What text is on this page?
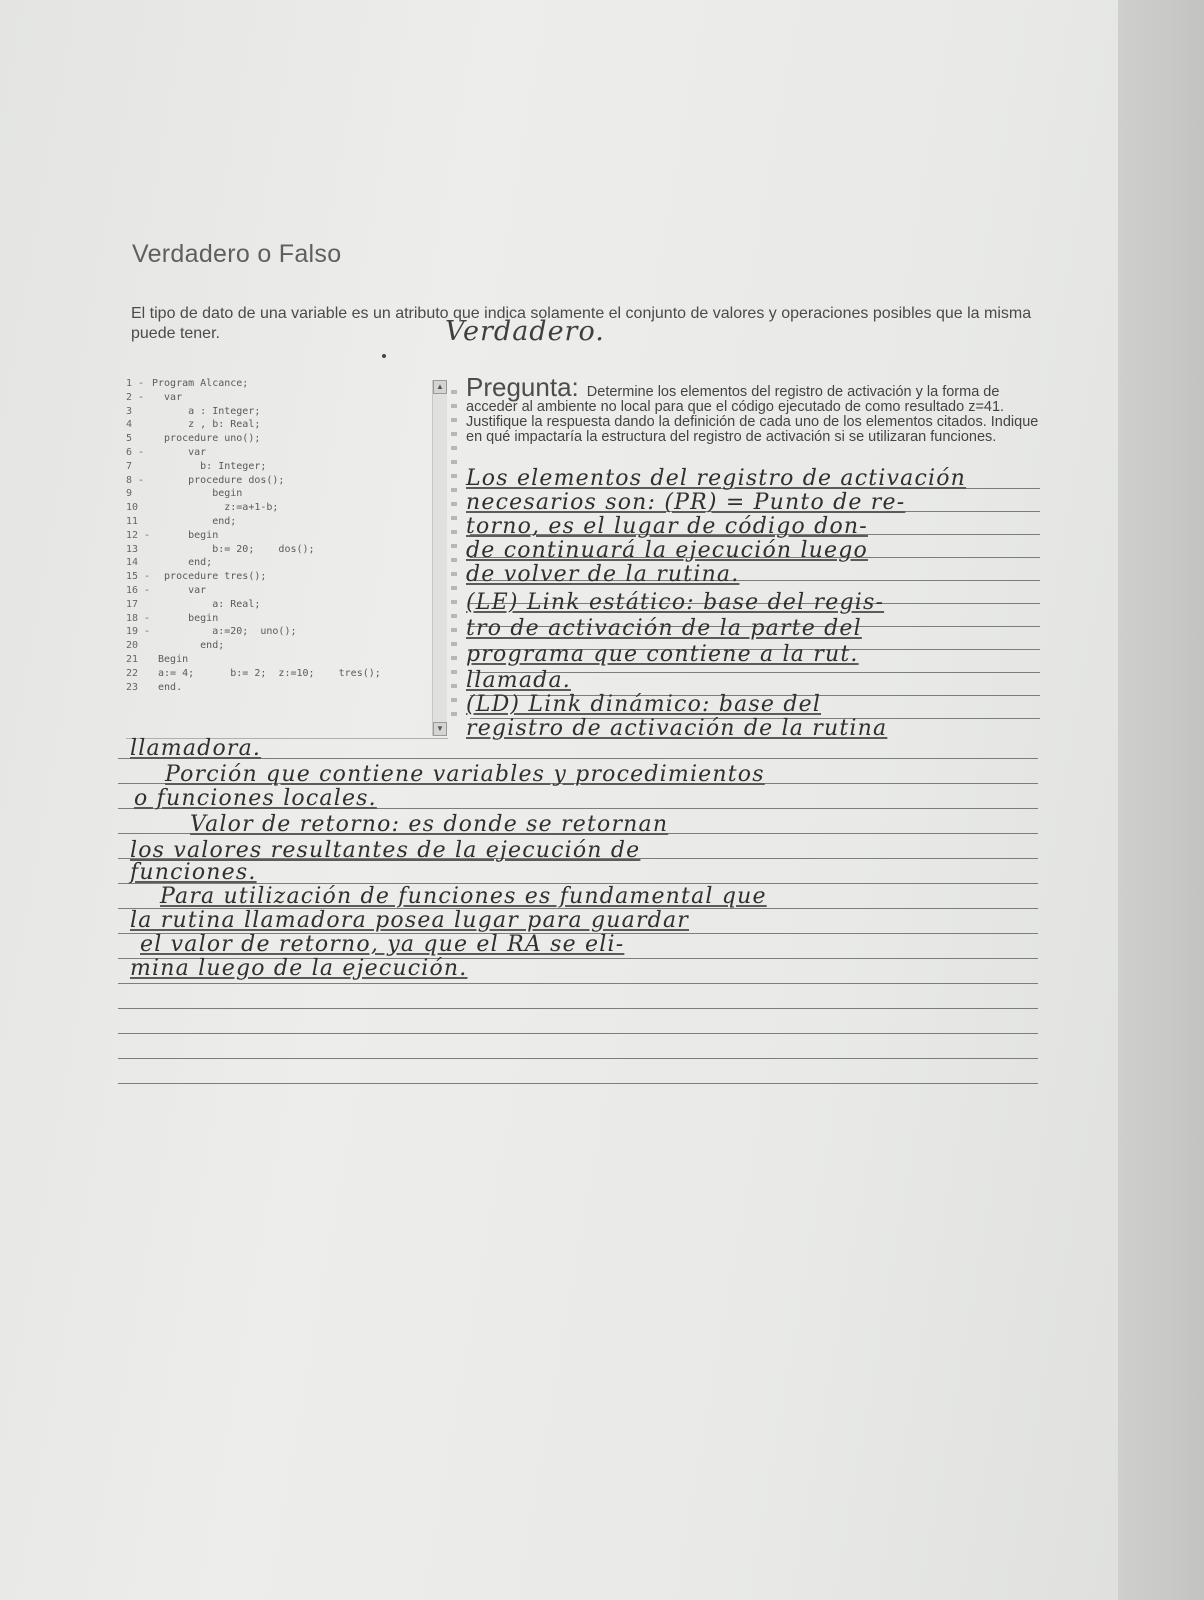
Verdadero o Falso

El tipo de dato de una variable es un atributo que indica solamente el conjunto de valores y operaciones posibles que la misma puede tener.	Verdadero.
1 - Program Alcance;
2 -  var
3      a : Integer;
4      z , b: Real;
5  procedure uno();
6 -      var
7        b: Integer;
8 -      procedure dos();
9          begin
10            z:=a+1-b;
11          end;
12 -      begin
13          b:= 20;    dos();
14      end;
15 -  procedure tres();
16 -      var
17          a: Real;
18 -      begin
19 -          a:=20;  uno();
20        end;
21 Begin
22 a:= 4;      b:= 2;  z:=10;    tres();
23 end.
▲
▼
Pregunta: Determine los elementos del registro de activación y la forma de acceder al ambiente no local para que el código ejecutado de como resultado z=41. Justifique la respuesta dando la definición de cada uno de los elementos citados. Indique en qué impactaría la estructura del registro de activación si se utilizaran funciones.
Los elementos del registro de activación
necesarios son: (PR) = Punto de re-
torno, es el lugar de código don-
de continuará la ejecución luego
de volver de la rutina.
(LE) Link estático: base del regis-
tro de activación de la parte del
programa que contiene a la rut.
llamada.
(LD) Link dinámico: base del
registro de activación de la rutina
llamadora.
Porción que contiene variables y procedimientos
o funciones locales.
Valor de retorno: es donde se retornan
los valores resultantes de la ejecución de
funciones.
Para utilización de funciones es fundamental que
la rutina llamadora posea lugar para guardar
el valor de retorno, ya que el RA se eli-
mina luego de la ejecución.
